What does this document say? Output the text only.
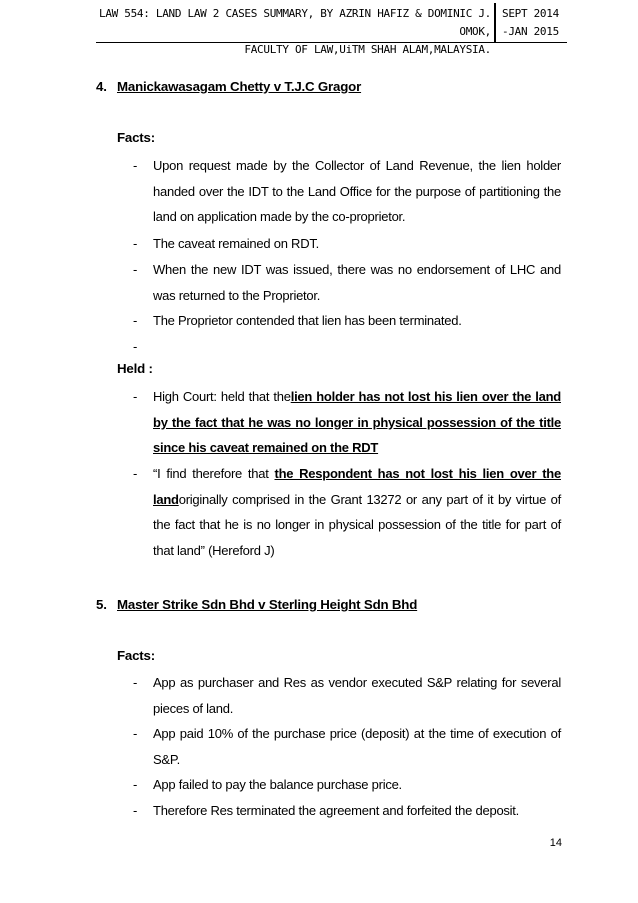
LAW 554: LAND LAW 2 CASES SUMMARY, BY AZRIN HAFIZ & DOMINIC J. OMOK,
FACULTY OF LAW,UiTM SHAH ALAM,MALAYSIA.
SEPT 2014
-JAN 2015
4. Manickawasagam Chetty v T.J.C Gragor
Facts:
-	Upon request made by the Collector of Land Revenue, the lien holder handed over the IDT to the Land Office for the purpose of partitioning the land on application made by the co-proprietor.
-	The caveat remained on RDT.
-	When the new IDT was issued, there was no endorsement of LHC and was returned to the Proprietor.
-	The Proprietor contended that lien has been terminated.
-
Held :
-	High Court: held that thelien holder has not lost his lien over the land by the fact that he was no longer in physical possession of the title since his caveat remained on the RDT
-	“I find therefore that the Respondent has not lost his lien over the landoriginally comprised in the Grant 13272 or any part of it by virtue of the fact that he is no longer in physical possession of the title for part of that land” (Hereford J)
5. Master Strike Sdn Bhd v Sterling Height Sdn Bhd
Facts:
-	App as purchaser and Res as vendor executed S&P relating for several pieces of land.
-	App paid 10% of the purchase price (deposit) at the time of execution of S&P.
-	App failed to pay the balance purchase price.
-	Therefore Res terminated the agreement and forfeited the deposit.
14
